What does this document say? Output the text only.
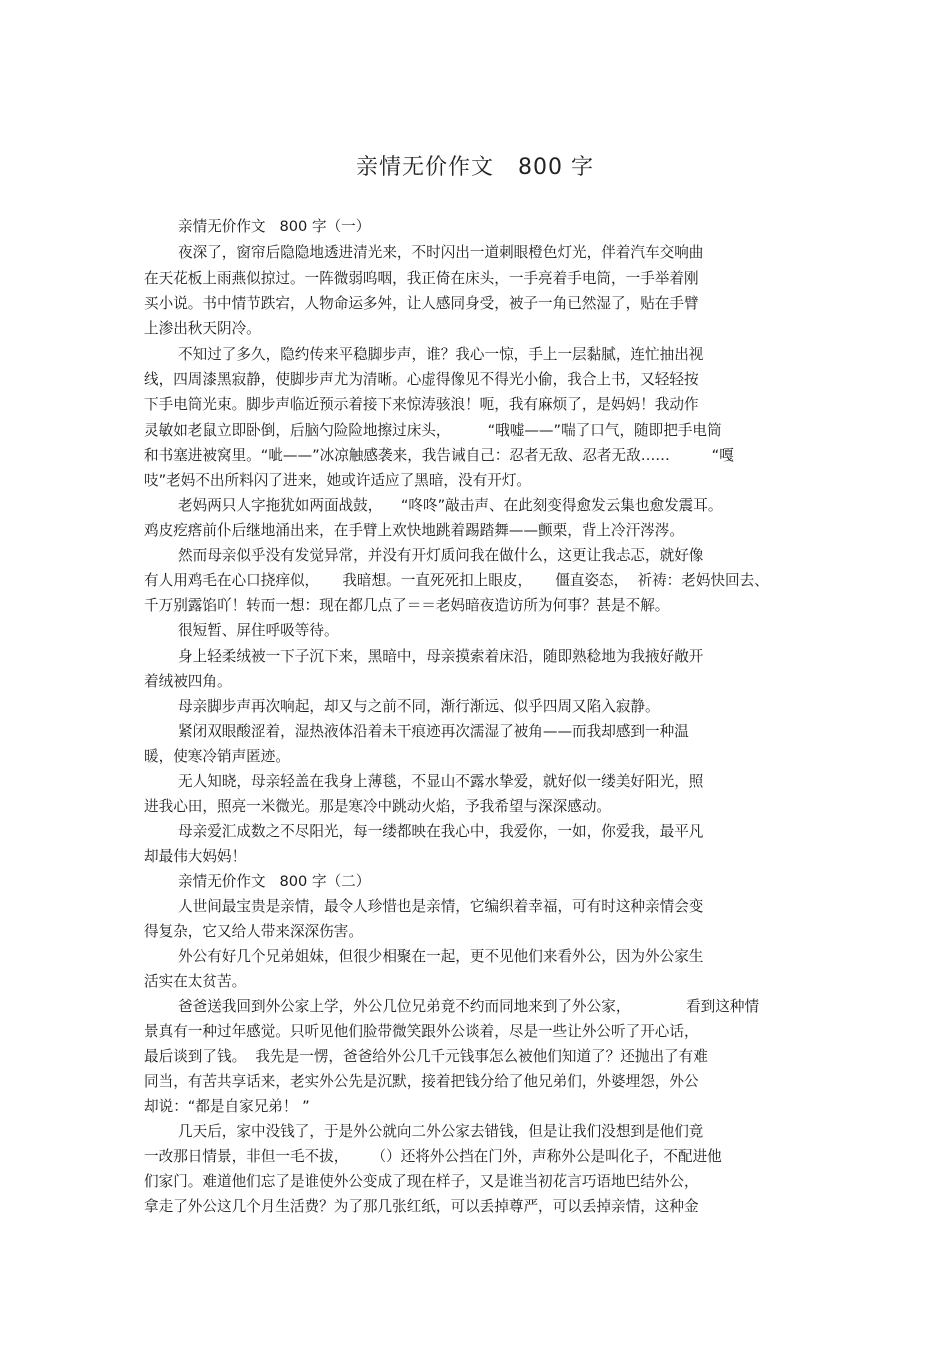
亲情无价作文   800 字

亲情无价作文   800 字（一）

夜深了，窗帘后隐隐地透进清光来，不时闪出一道刺眼橙色灯光，伴着汽车交响曲

在天花板上雨燕似掠过。一阵微弱呜咽，我正倚在床头，一手亮着手电筒，一手举着刚

买小说。书中情节跌宕，人物命运多舛，让人感同身受，被子一角已然湿了，贴在手臂

上渗出秋天阴冷。

不知过了多久，隐约传来平稳脚步声，谁？我心一惊，手上一层黏腻，连忙抽出视

线，四周漆黑寂静，使脚步声尤为清晰。心虚得像见不得光小偷，我合上书，又轻轻按

下手电筒光束。脚步声临近预示着接下来惊涛骇浪！呃，我有麻烦了，是妈妈！我动作

灵敏如老鼠立即卧倒，后脑勺险险地擦过床头，        “哦嘘——”喘了口气，随即把手电筒

和书塞进被窝里。“呲——”冰凉触感袭来，我告诫自己：忍者无敌、忍者无敌……         “嘎

吱”老妈不出所料闪了进来，她或许适应了黑暗，没有开灯。

老妈两只人字拖犹如两面战鼓，    “咚咚”敲击声、在此刻变得愈发云集也愈发震耳。

鸡皮疙瘩前仆后继地涌出来，在手臂上欢快地跳着踢踏舞——颤栗，背上冷汗涔涔。

然而母亲似乎没有发觉异常，并没有开灯质问我在做什么，这更让我忐忑，就好像

有人用鸡毛在心口挠痒似，     我暗想。一直死死扣上眼皮，     僵直姿态，  祈祷：老妈快回去、

千万别露馅吖！转而一想：现在都几点了＝＝老妈暗夜造访所为何事？甚是不解。

很短暂、屏住呼吸等待。

身上轻柔绒被一下子沉下来，黑暗中，母亲摸索着床沿，随即熟稔地为我掖好敞开

着绒被四角。

母亲脚步声再次响起，却又与之前不同，渐行渐远、似乎四周又陷入寂静。

紧闭双眼酸涩着，湿热液体沿着未干痕迹再次濡湿了被角——而我却感到一种温

暖，使寒冷销声匿迹。

无人知晓，母亲轻盖在我身上薄毯，不显山不露水挚爱，就好似一缕美好阳光，照

进我心田，照亮一米微光。那是寒冷中跳动火焰，予我希望与深深感动。

母亲爱汇成数之不尽阳光，每一缕都映在我心中，我爱你，一如，你爱我，最平凡

却最伟大妈妈！

亲情无价作文   800 字（二）

人世间最宝贵是亲情，最令人珍惜也是亲情，它编织着幸福，可有时这种亲情会变

得复杂，它又给人带来深深伤害。

外公有好几个兄弟姐妹，但很少相聚在一起，更不见他们来看外公，因为外公家生

活实在太贫苦。

爸爸送我回到外公家上学，外公几位兄弟竟不约而同地来到了外公家，            看到这种情

景真有一种过年感觉。只听见他们脸带微笑跟外公谈着，尽是一些让外公听了开心话，

最后谈到了钱。  我先是一愣，爸爸给外公几千元钱事怎么被他们知道了？还抛出了有难

同当，有苦共享话来，老实外公先是沉默，接着把钱分给了他兄弟们，外婆埋怨，外公

却说：“都是自家兄弟！ ”

几天后，家中没钱了，于是外公就向二外公家去错钱，但是让我们没想到是他们竟

一改那日情景，非但一毛不拔，     （）还将外公挡在门外，声称外公是叫化子，不配进他

们家门。难道他们忘了是谁使外公变成了现在样子，又是谁当初花言巧语地巴结外公，

拿走了外公这几个月生活费？为了那几张红纸，可以丢掉尊严，可以丢掉亲情，这种金
